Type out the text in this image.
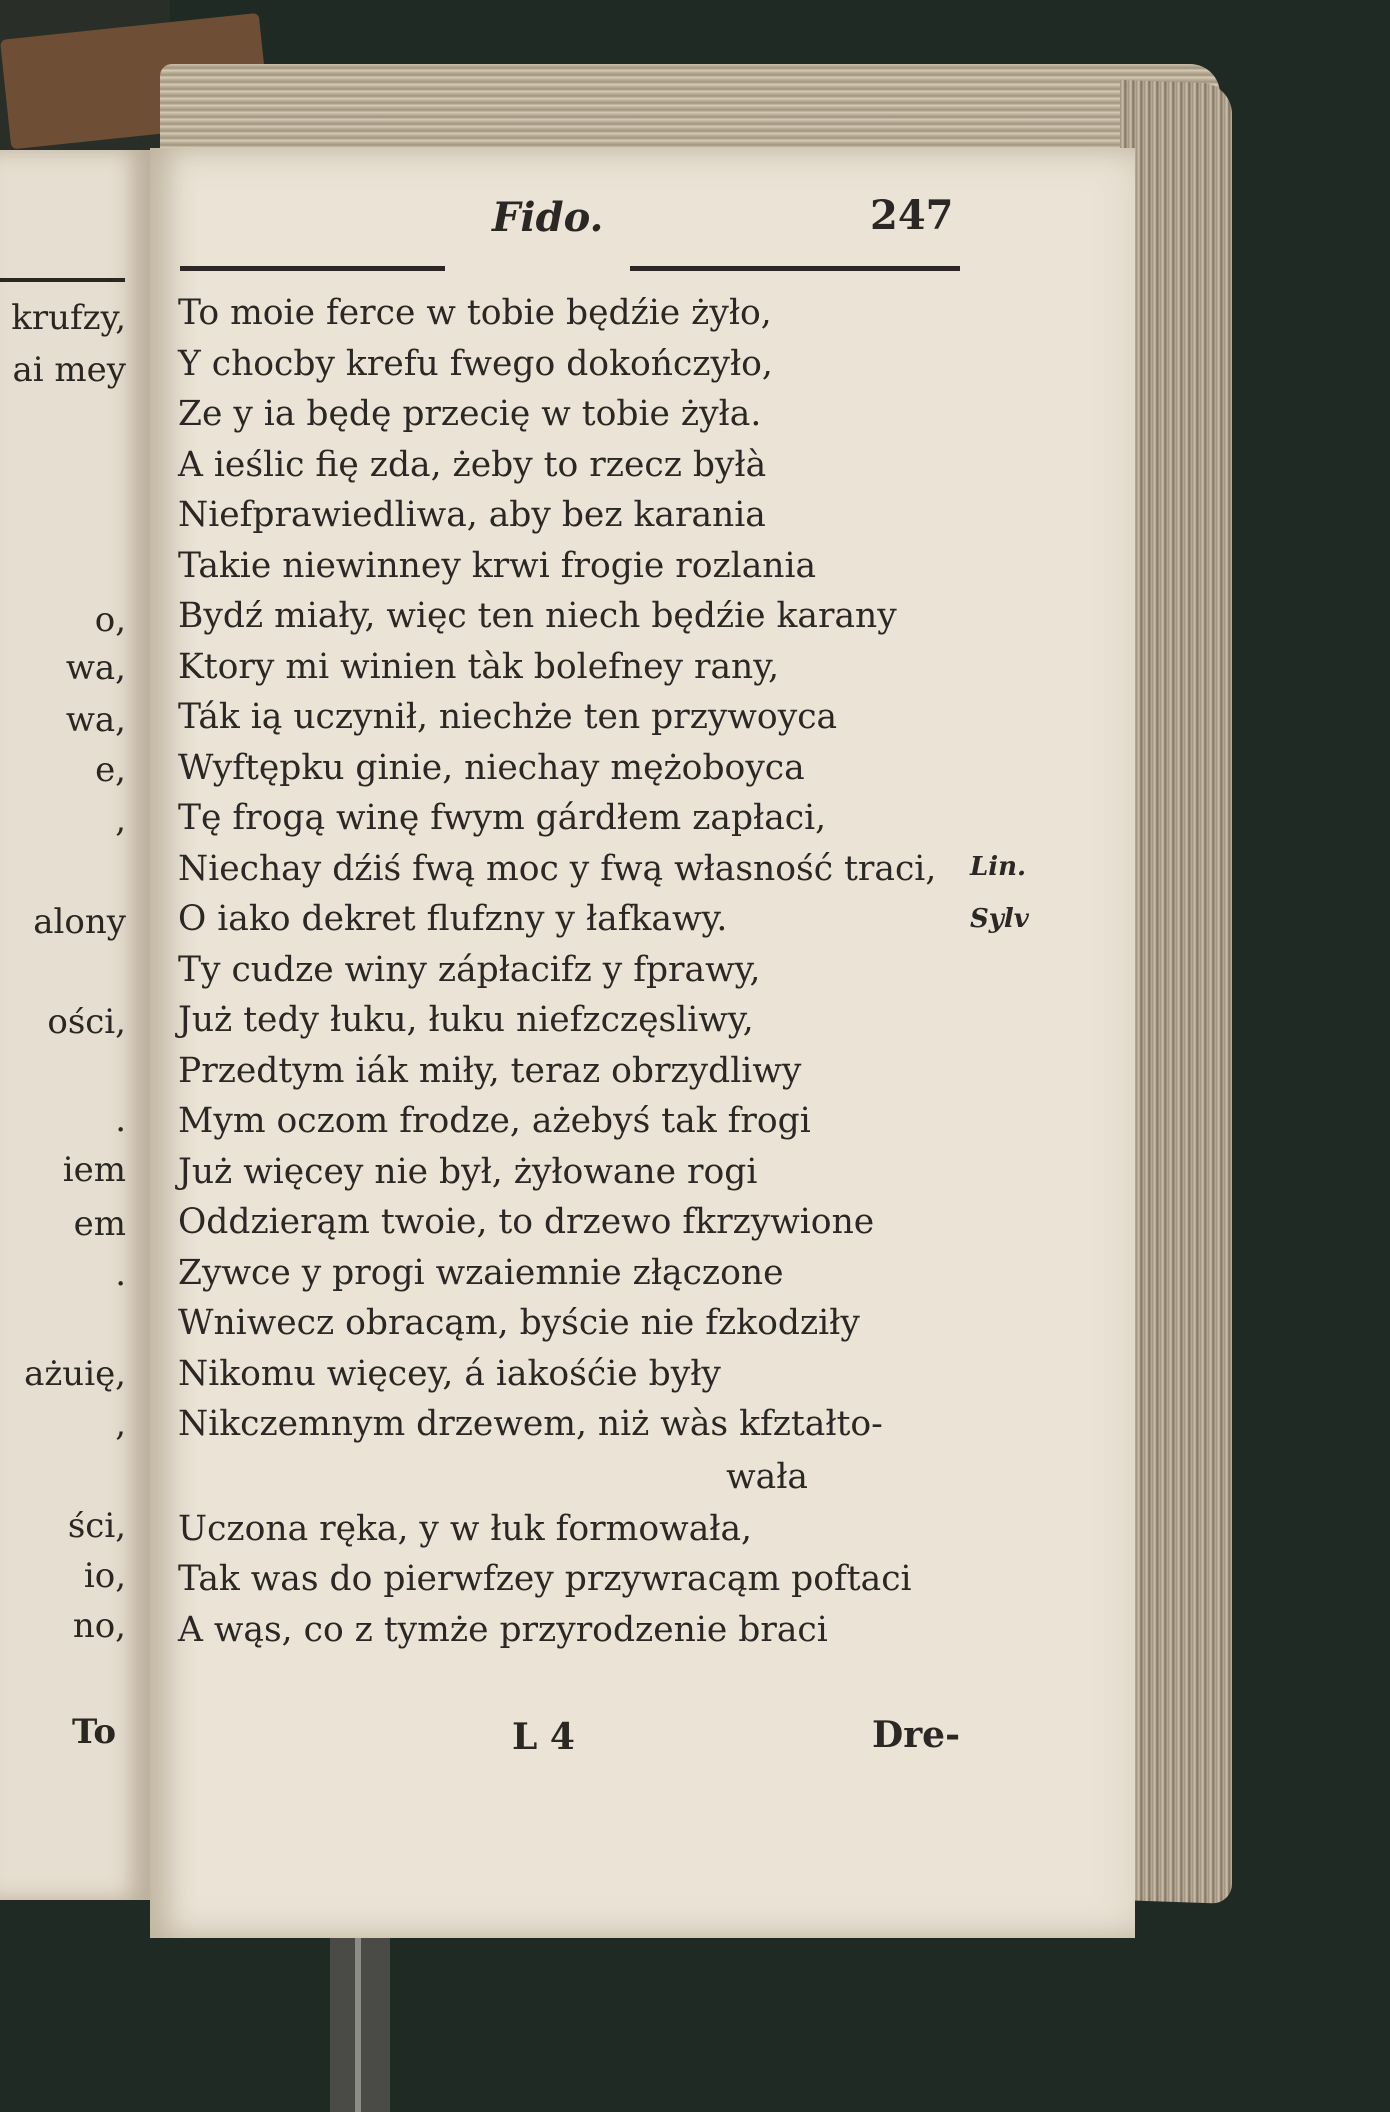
krufzy,

ai mey

o,

wa,

wa,

e,

,

alony

ości,

.

iem

em

.

ażuię,

,

ści,

io,

no,

To

Fido.	247

To moie ferce w tobie będźie żyło,
Y chocby krefu fwego dokończyło,
Ze y ia będę przecię w tobie żyła.
A ieślic fię zda, żeby to rzecz byłà
Niefprawiedliwa, aby bez karania
Takie niewinney krwi frogie rozlania
Bydź miały, więc ten niech będźie karany
Ktory mi winien tàk bolefney rany,
Ták ią uczynił, niechże ten przywoyca
Wyftępku ginie, niechay mężoboyca
Tę frogą winę fwym gárdłem zapłaci,
Niechay dźiś fwą moc y fwą własność traci,
O iako dekret flufzny y łafkawy.
Ty cudze winy zápłacifz y fprawy,
Już tedy łuku, łuku niefzczęsliwy,
Przedtym iák miły, teraz obrzydliwy
Mym oczom frodze, ażebyś tak frogi
Już więcey nie był, żyłowane rogi
Oddzierąm twoie, to drzewo fkrzywione
Zywce y progi wzaiemnie złączone
Wniwecz obracąm, byście nie fzkodziły
Nikomu więcey, á iakośćie były
Nikczemnym drzewem, niż wàs kfztałto-
wała
Uczona ręka, y w łuk formowała,
Tak was do pierwfzey przywracąm poftaci
A wąs, co z tymże przyrodzenie braci

Lin.

Sylv

L 4	Dre-
